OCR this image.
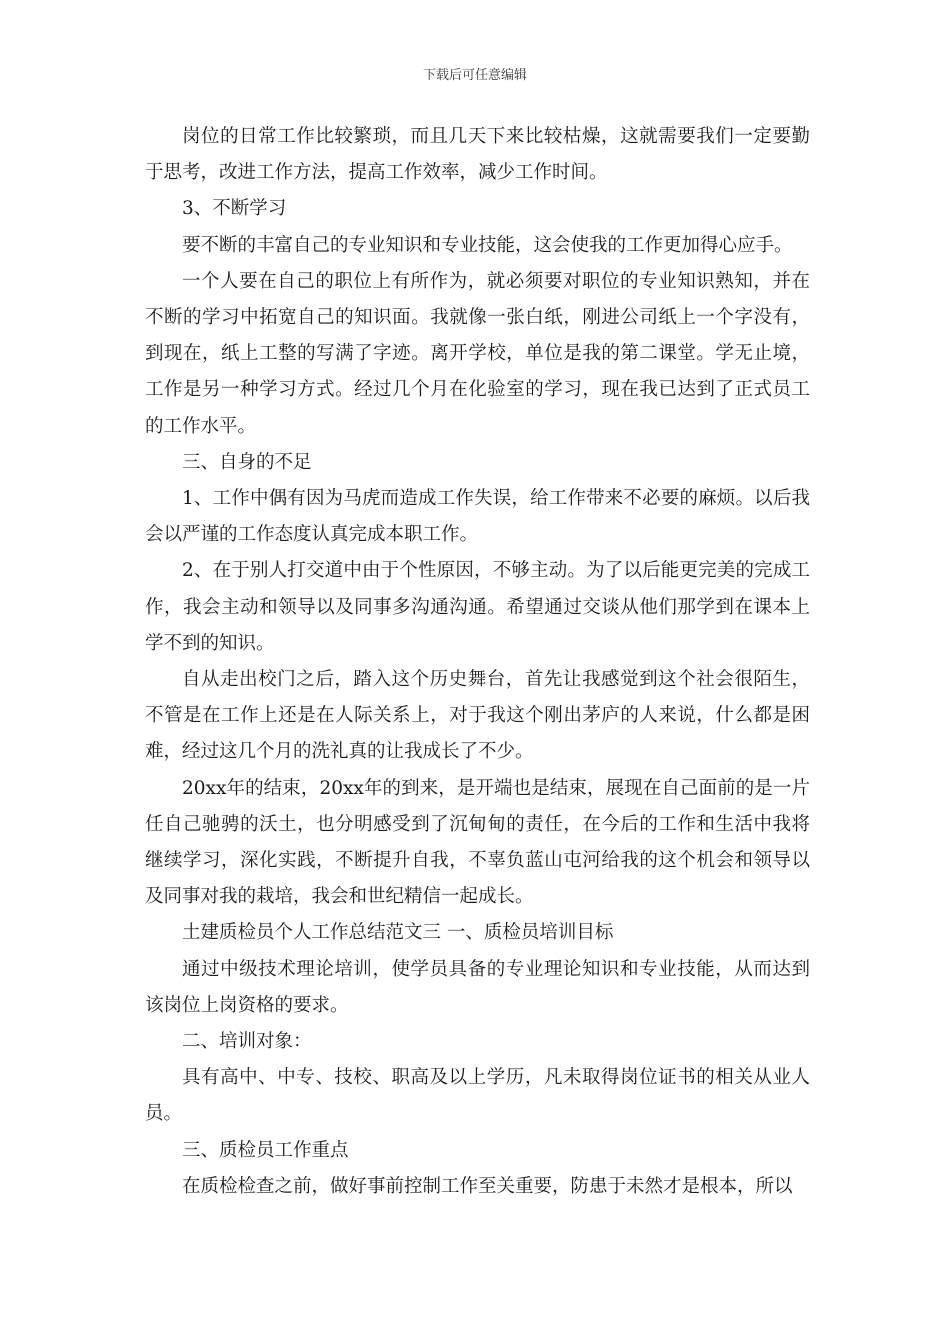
下载后可任意编辑

岗位的日常工作比较繁琐，而且几天下来比较枯燥，这就需要我们一定要勤于思考，改进工作方法，提高工作效率，减少工作时间。

3、不断学习

要不断的丰富自己的专业知识和专业技能，这会使我的工作更加得心应手。

一个人要在自己的职位上有所作为，就必须要对职位的专业知识熟知，并在不断的学习中拓宽自己的知识面。我就像一张白纸，刚进公司纸上一个字没有，到现在，纸上工整的写满了字迹。离开学校，单位是我的第二课堂。学无止境，工作是另一种学习方式。经过几个月在化验室的学习，现在我已达到了正式员工的工作水平。

三、自身的不足

1、工作中偶有因为马虎而造成工作失误，给工作带来不必要的麻烦。以后我会以严谨的工作态度认真完成本职工作。

2、在于别人打交道中由于个性原因，不够主动。为了以后能更完美的完成工作，我会主动和领导以及同事多沟通沟通。希望通过交谈从他们那学到在课本上学不到的知识。

自从走出校门之后，踏入这个历史舞台，首先让我感觉到这个社会很陌生，不管是在工作上还是在人际关系上，对于我这个刚出茅庐的人来说，什么都是困难，经过这几个月的洗礼真的让我成长了不少。

20xx年的结束，20xx年的到来，是开端也是结束，展现在自己面前的是一片任自己驰骋的沃土，也分明感受到了沉甸甸的责任，在今后的工作和生活中我将继续学习，深化实践，不断提升自我，不辜负蓝山屯河给我的这个机会和领导以及同事对我的栽培，我会和世纪精信一起成长。

土建质检员个人工作总结范文三 一、质检员培训目标

通过中级技术理论培训，使学员具备的专业理论知识和专业技能，从而达到该岗位上岗资格的要求。

二、培训对象：

具有高中、中专、技校、职高及以上学历，凡未取得岗位证书的相关从业人员。

三、质检员工作重点

在质检检查之前，做好事前控制工作至关重要，防患于未然才是根本，所以
